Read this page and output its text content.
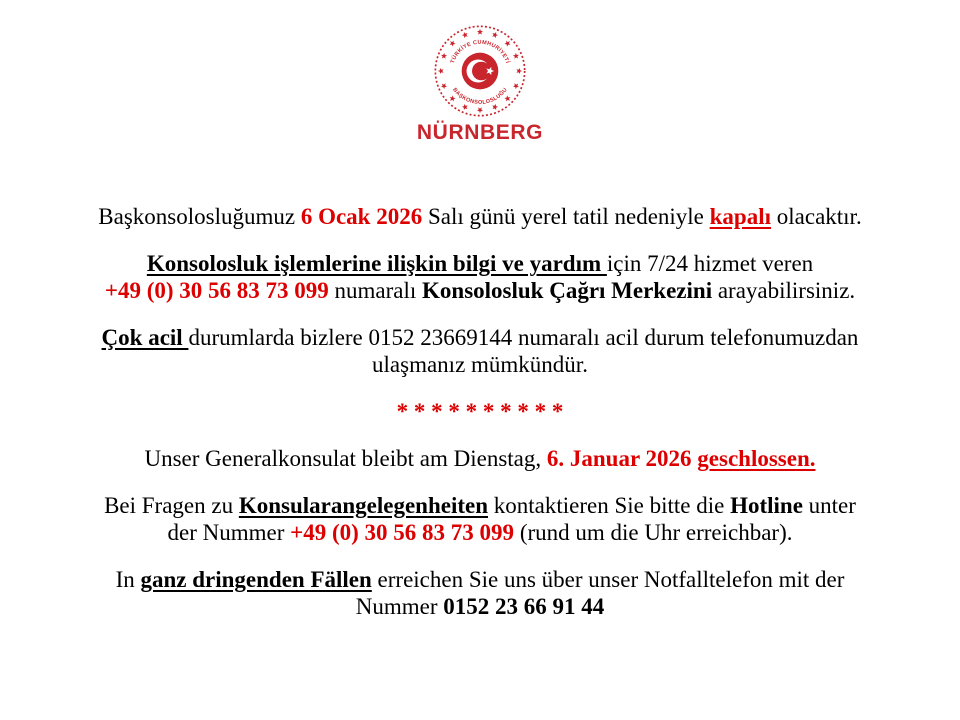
TÜRKİYE CUMHURİYETİ
BAŞKONSOLOSLUĞU
NÜRNBERG

Başkonsolosluğumuz 6 Ocak 2026 Salı günü yerel tatil nedeniyle kapalı olacaktır.

Konsolosluk işlemlerine ilişkin bilgi ve yardım için 7/24 hizmet veren
+49 (0) 30 56 83 73 099 numaralı Konsolosluk Çağrı Merkezini arayabilirsiniz.

Çok acil durumlarda bizlere 0152 23669144 numaralı acil durum telefonumuzdan
ulaşmanız mümkündür.

* * * * * * * * * *

Unser Generalkonsulat bleibt am Dienstag, 6. Januar 2026 geschlossen.

Bei Fragen zu Konsularangelegenheiten kontaktieren Sie bitte die Hotline unter
der Nummer +49 (0) 30 56 83 73 099 (rund um die Uhr erreichbar).

In ganz dringenden Fällen erreichen Sie uns über unser Notfalltelefon mit der
Nummer 0152 23 66 91 44
